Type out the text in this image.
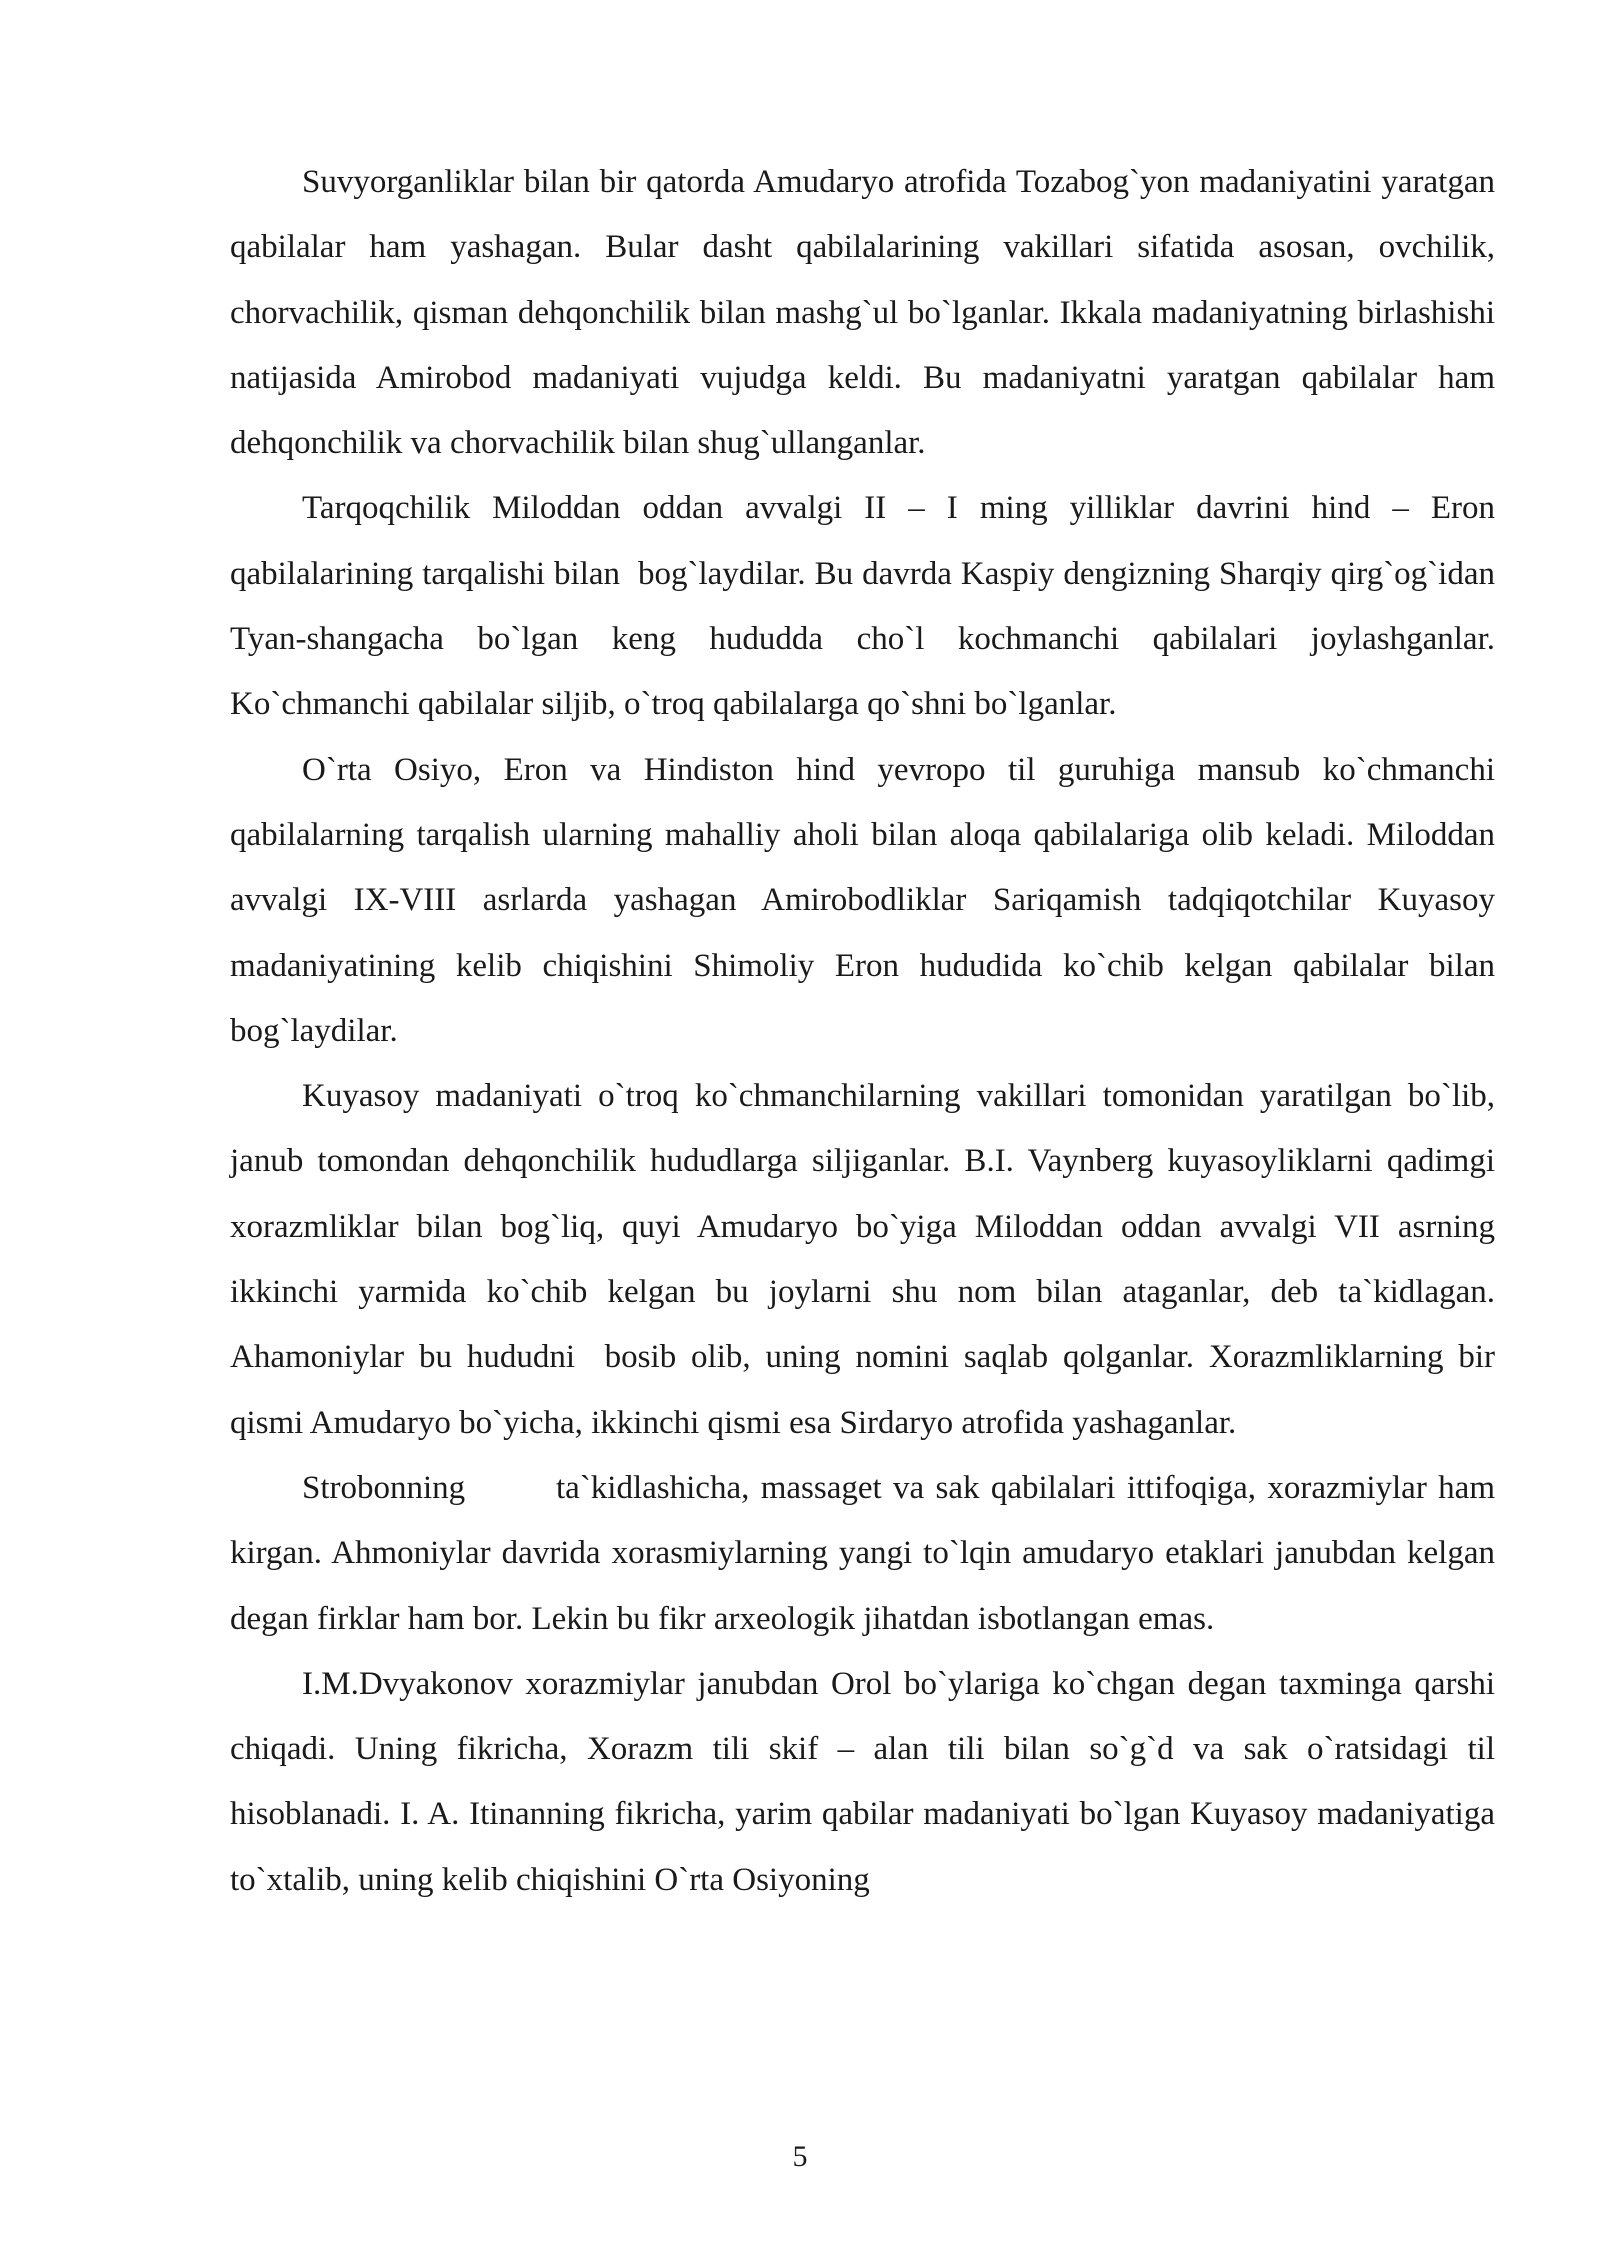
Suvyorganliklar bilan bir qatorda Amudaryo atrofida Tozabog`yon madaniyatini yaratgan qabilalar ham yashagan. Bular dasht qabilalarining vakillari sifatida asosan, ovchilik, chorvachilik, qisman dehqonchilik bilan mashg`ul bo`lganlar. Ikkala madaniyatning birlashishi natijasida Amirobod madaniyati vujudga keldi. Bu madaniyatni yaratgan qabilalar ham dehqonchilik va chorvachilik bilan shug`ullanganlar.

Tarqoqchilik Miloddan oddan avvalgi II – I ming yilliklar davrini hind – Eron qabilalarining tarqalishi bilan  bog`laydilar. Bu davrda Kaspiy dengizning Sharqiy qirg`og`idan Tyan-shangacha bo`lgan keng hududda cho`l kochmanchi qabilalari joylashganlar. Ko`chmanchi qabilalar siljib, o`troq qabilalarga qo`shni bo`lganlar.

O`rta Osiyo, Eron va Hindiston hind yevropo til guruhiga mansub ko`chmanchi qabilalarning tarqalish ularning mahalliy aholi bilan aloqa qabilalariga olib keladi. Miloddan avvalgi IX-VIII asrlarda yashagan Amirobodliklar Sariqamish tadqiqotchilar Kuyasoy madaniyatining kelib chiqishini Shimoliy Eron hududida ko`chib kelgan qabilalar bilan bog`laydilar.

Kuyasoy madaniyati o`troq ko`chmanchilarning vakillari tomonidan yaratilgan bo`lib, janub tomondan dehqonchilik hududlarga siljiganlar. B.I. Vaynberg kuyasoyliklarni qadimgi xorazmliklar bilan bog`liq, quyi Amudaryo bo`yiga Miloddan oddan avvalgi VII asrning ikkinchi yarmida ko`chib kelgan bu joylarni shu nom bilan ataganlar, deb ta`kidlagan. Ahamoniylar bu hududni  bosib olib, uning nomini saqlab qolganlar. Xorazmliklarning bir qismi Amudaryo bo`yicha, ikkinchi qismi esa Sirdaryo atrofida yashaganlar.

Strobonning        ta`kidlashicha, massaget va sak qabilalari ittifoqiga, xorazmiylar ham kirgan. Ahmoniylar davrida xorasmiylarning yangi to`lqin amudaryo etaklari janubdan kelgan degan firklar ham bor. Lekin bu fikr arxeologik jihatdan isbotlangan emas.

I.M.Dvyakonov xorazmiylar janubdan Orol bo`ylariga ko`chgan degan taxminga qarshi chiqadi. Uning fikricha, Xorazm tili skif – alan tili bilan so`g`d va sak o`ratsidagi til hisoblanadi. I. A. Itinanning fikricha, yarim qabilar madaniyati bo`lgan Kuyasoy madaniyatiga to`xtalib, uning kelib chiqishini O`rta Osiyoning

5
